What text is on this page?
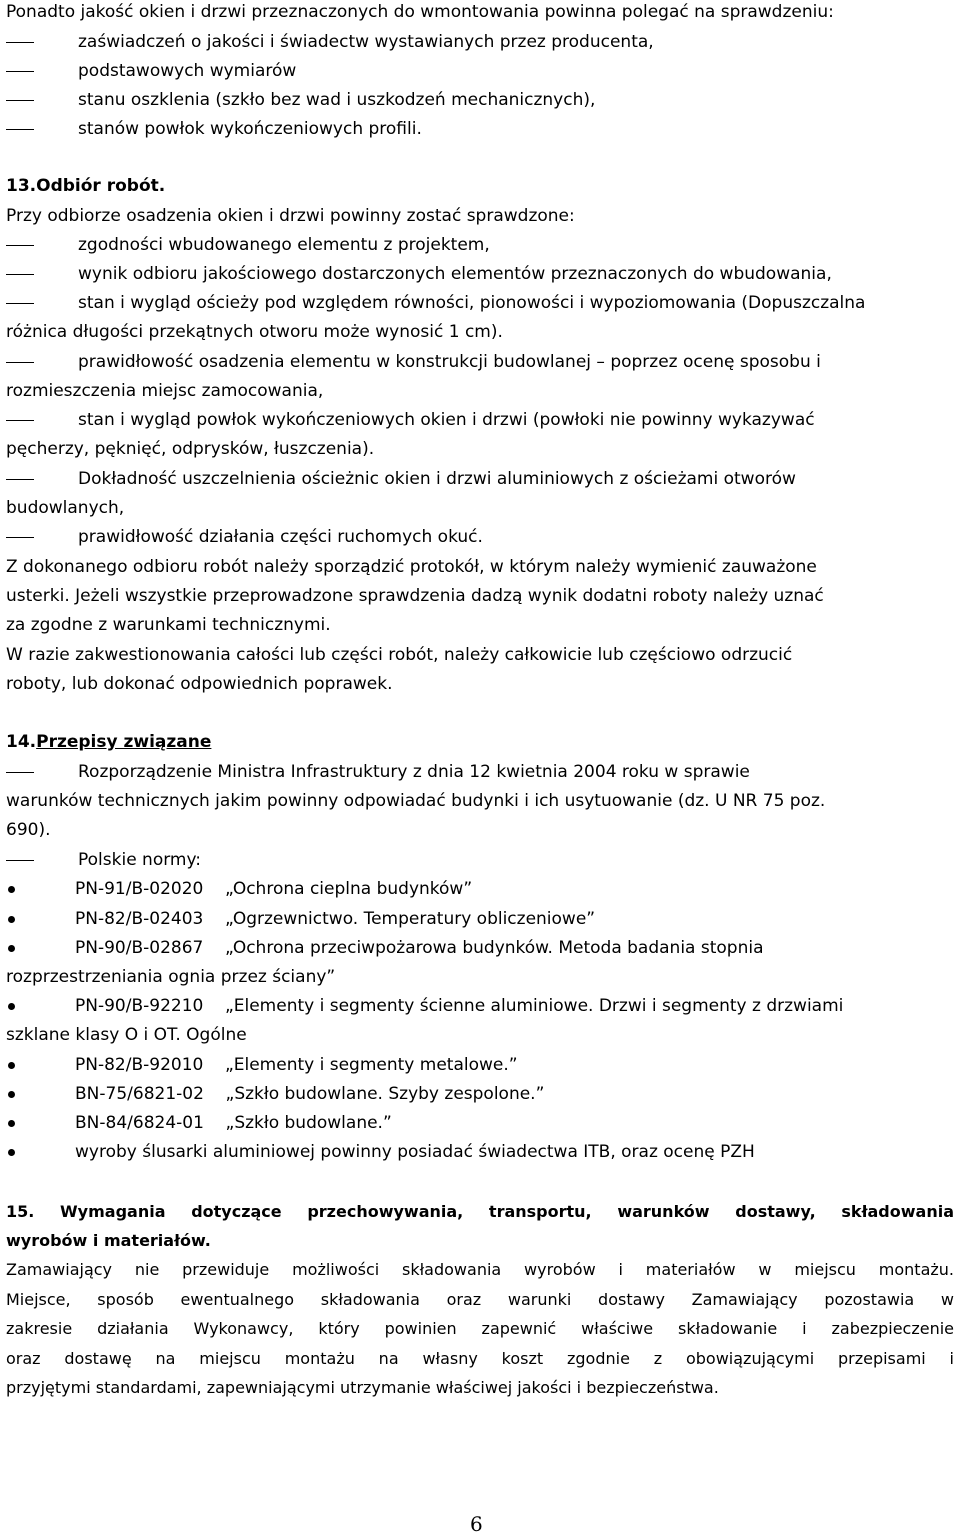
Ponadto jakość okien i drzwi przeznaczonych do wmontowania powinna polegać na sprawdzeniu:
zaświadczeń o jakości i świadectw wystawianych przez producenta,
podstawowych wymiarów
stanu oszklenia (szkło bez wad i uszkodzeń mechanicznych),
stanów powłok wykończeniowych profili.
13.Odbiór robót.
Przy odbiorze osadzenia okien i drzwi powinny zostać sprawdzone:
zgodności wbudowanego elementu z projektem,
wynik odbioru jakościowego dostarczonych elementów przeznaczonych do wbudowania,
stan i wygląd ościeży pod względem równości, pionowości i wypoziomowania (Dopuszczalna
różnica długości przekątnych otworu może wynosić 1 cm).
prawidłowość osadzenia elementu w konstrukcji budowlanej – poprzez ocenę sposobu i
rozmieszczenia miejsc zamocowania,
stan i wygląd powłok wykończeniowych okien i drzwi (powłoki nie powinny wykazywać
pęcherzy, pęknięć, odprysków, łuszczenia).
Dokładność uszczelnienia ościeżnic okien i drzwi aluminiowych z ościeżami otworów
budowlanych,
prawidłowość działania części ruchomych okuć.
Z dokonanego odbioru robót należy sporządzić protokół, w którym należy wymienić zauważone
usterki. Jeżeli wszystkie przeprowadzone sprawdzenia dadzą wynik dodatni roboty należy uznać
za zgodne z warunkami technicznymi.
W razie zakwestionowania całości lub części robót, należy całkowicie lub częściowo odrzucić
roboty, lub dokonać odpowiednich poprawek.
14.Przepisy związane
Rozporządzenie Ministra Infrastruktury z dnia 12 kwietnia 2004 roku w sprawie
warunków technicznych jakim powinny odpowiadać budynki i ich usytuowanie (dz. U NR 75 poz.
690).
Polskie normy:
PN-91/B-02020    „Ochrona cieplna budynków”
PN-82/B-02403    „Ogrzewnictwo. Temperatury obliczeniowe”
PN-90/B-02867    „Ochrona przeciwpożarowa budynków. Metoda badania stopnia
rozprzestrzeniania ognia przez ściany”
PN-90/B-92210    „Elementy i segmenty ścienne aluminiowe. Drzwi i segmenty z drzwiami
szklane klasy O i OT. Ogólne
PN-82/B-92010    „Elementy i segmenty metalowe.”
BN-75/6821-02    „Szkło budowlane. Szyby zespolone.”
BN-84/6824-01    „Szkło budowlane.”
wyroby ślusarki aluminiowej powinny posiadać świadectwa ITB, oraz ocenę PZH
15. Wymagania dotyczące przechowywania, transportu, warunków dostawy, składowania
wyrobów i materiałów.
Zamawiający nie przewiduje możliwości składowania wyrobów i materiałów w miejscu montażu.
Miejsce, sposób ewentualnego składowania oraz warunki dostawy Zamawiający pozostawia w
zakresie działania Wykonawcy, który powinien zapewnić właściwe składowanie i zabezpieczenie
oraz dostawę na miejscu montażu na własny koszt zgodnie z obowiązującymi przepisami i
przyjętymi standardami, zapewniającymi utrzymanie właściwej jakości i bezpieczeństwa.
6
